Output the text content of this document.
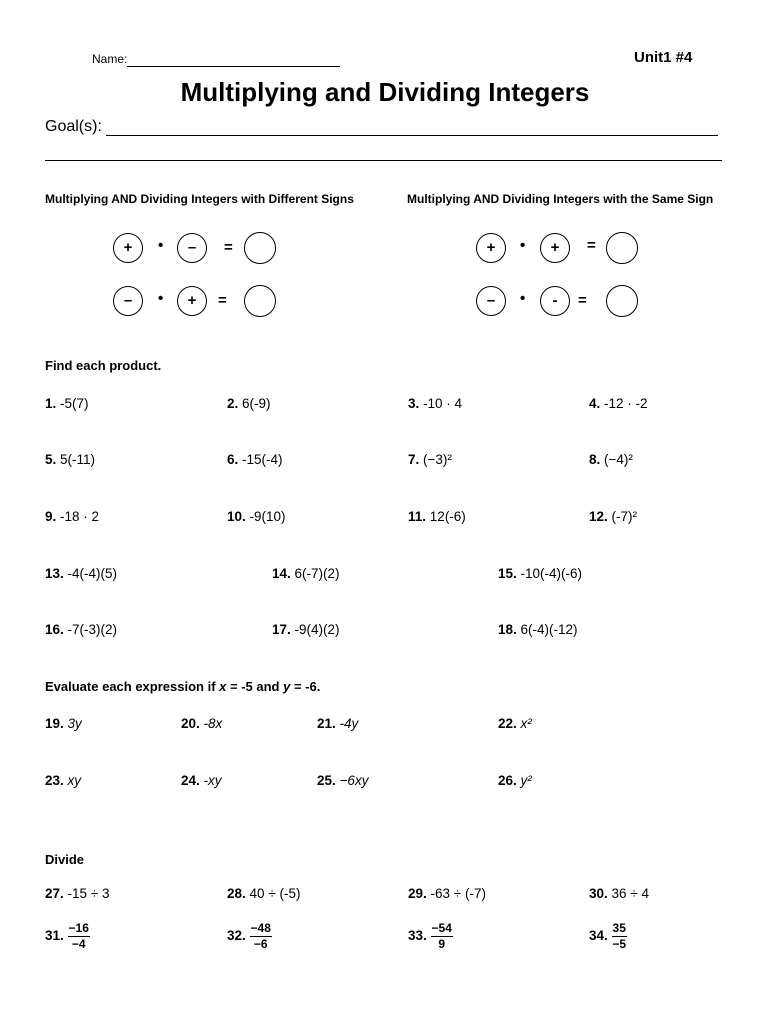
Name:	Unit1 #4
Multiplying and Dividing Integers
Goal(s):
Multiplying AND Dividing Integers with Different Signs	Multiplying AND Dividing Integers with the Same Sign
+	•	–	=
–	•	+	=
+	•	+	=
–	•	-	=
Find each product.
1. -5(7)	2. 6(-9)	3. -10 · 4	4. -12 · -2
5. 5(-11)	6. -15(-4)	7. (−3)²	8. (−4)²
9. -18 · 2	10. -9(10)	11. 12(-6)	12. (-7)²
13. -4(-4)(5)	14. 6(-7)(2)	15. -10(-4)(-6)
16. -7(-3)(2)	17. -9(4)(2)	18. 6(-4)(-12)
Evaluate each expression if x = -5 and y = -6.
19. 3y	20. -8x	21. -4y	22. x²
23. xy	24. -xy	25. −6xy	26. y²
Divide
27. -15 ÷ 3	28. 40 ÷ (-5)	29. -63 ÷ (-7)	30. 36 ÷ 4
31. $\frac{-16}{-4}$	32. $\frac{-48}{-6}$	33. $\frac{-54}{9}$	34. $\frac{35}{-5}$
